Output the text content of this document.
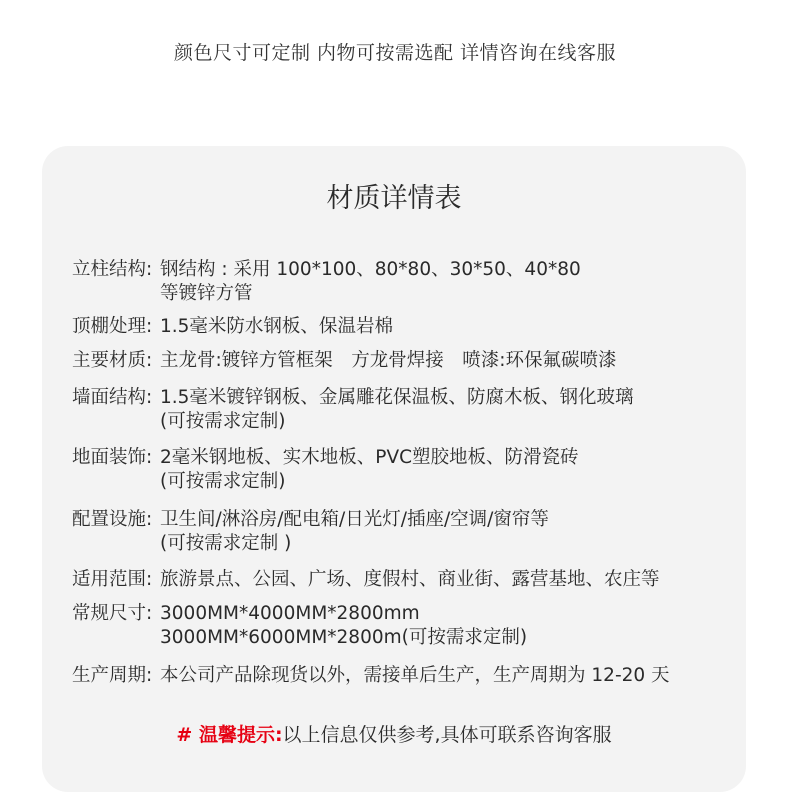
颜色尺寸可定制 内物可按需选配 详情咨询在线客服
材质详情表
立柱结构 : 钢结构 : 采用 100*100、80*80、30*50、40*80
等镀锌方管
顶棚处理 : 1.5毫米防水钢板、保温岩棉
主要材质 : 主龙骨:镀锌方管框架　方龙骨焊接　喷漆:环保氟碳喷漆
墙面结构 : 1.5毫米镀锌钢板、金属雕花保温板、防腐木板、钢化玻璃
(可按需求定制)
地面装饰 : 2毫米钢地板、实木地板、PVC塑胶地板、防滑瓷砖
(可按需求定制)
配置设施 : 卫生间/淋浴房/配电箱/日光灯/插座/空调/窗帘等
(可按需求定制 )
适用范围 : 旅游景点、公园、广场、度假村、商业街、露营基地、农庄等
常规尺寸 : 3000MM*4000MM*2800mm
3000MM*6000MM*2800m(可按需求定制)
生产周期 : 本公司产品除现货以外，需接单后生产，生产周期为 12-20 天
# 温馨提示:以上信息仅供参考,具体可联系咨询客服
